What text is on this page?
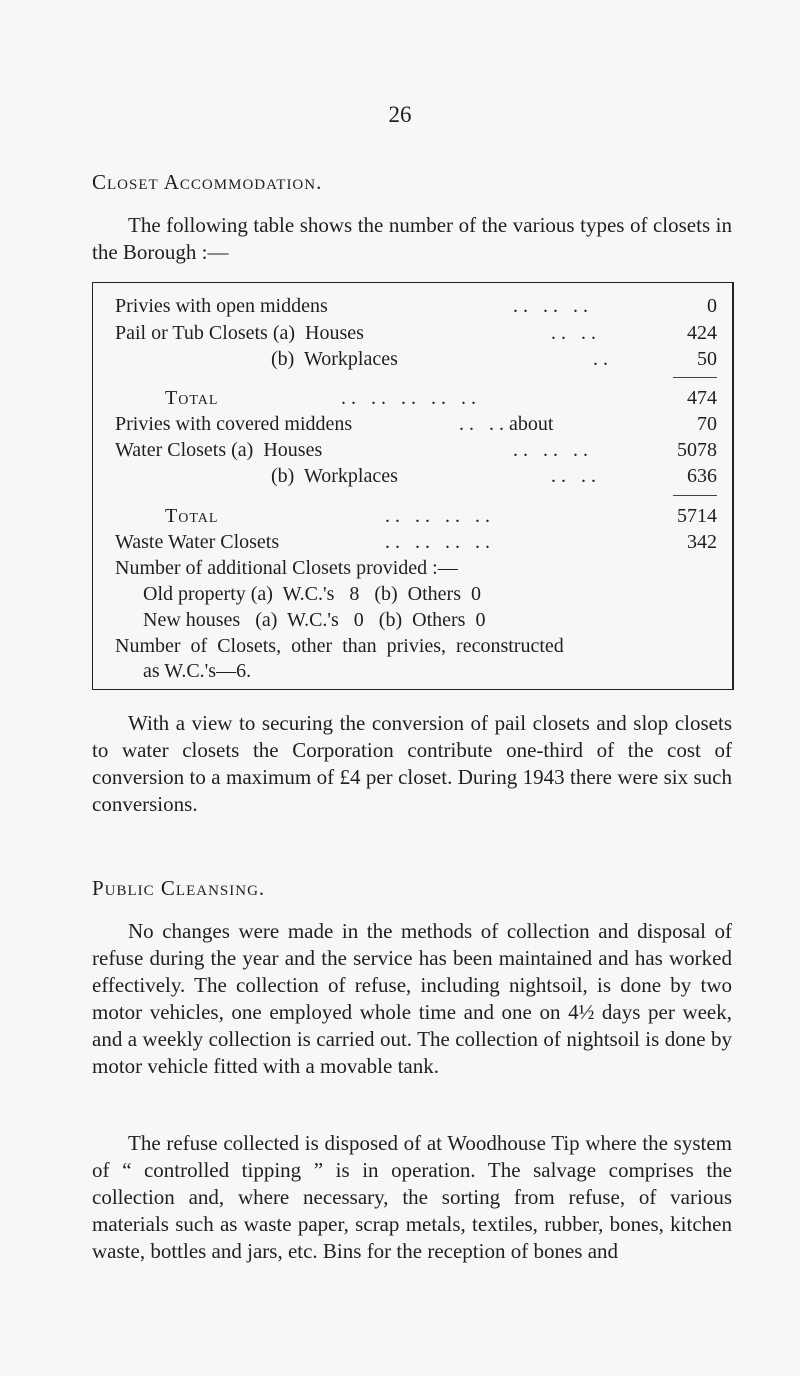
26
Closet Accommodation.
The following table shows the number of the various types of closets in the Borough :—
Privies with open middens	. .   . .   . .	0
Pail or Tub Closets (a)  Houses	. .   . .	424
(b)  Workplaces	. .	50
Total	. .   . .   . .   . .   . .	474
Privies with covered middens	. .   . . about	70
Water Closets (a)  Houses	. .   . .   . .	5078
(b)  Workplaces	. .   . .	636
Total	. .   . .   . .   . .	5714
Waste Water Closets	. .   . .   . .   . .	342
Number of additional Closets provided :—
Old property (a)  W.C.'s   8   (b)  Others  0
New houses   (a)  W.C.'s   0   (b)  Others  0
Number  of  Closets,  other  than  privies,  reconstructed
as W.C.'s—6.
With a view to securing the conversion of pail closets and slop closets to water closets the Corporation contribute one-third of the cost of conversion to a maximum of £4 per closet. During 1943 there were six such conversions.
Public Cleansing.
No changes were made in the methods of collection and disposal of refuse during the year and the service has been maintained and has worked effectively. The collection of refuse, including nightsoil, is done by two motor vehicles, one employed whole time and one on 4½ days per week, and a weekly collection is carried out. The collection of nightsoil is done by motor vehicle fitted with a movable tank.
The refuse collected is disposed of at Woodhouse Tip where the system of “ controlled tipping ” is in operation. The salvage comprises the collection and, where necessary, the sorting from refuse, of various materials such as waste paper, scrap metals, textiles, rubber, bones, kitchen waste, bottles and jars, etc. Bins for the reception of bones and
